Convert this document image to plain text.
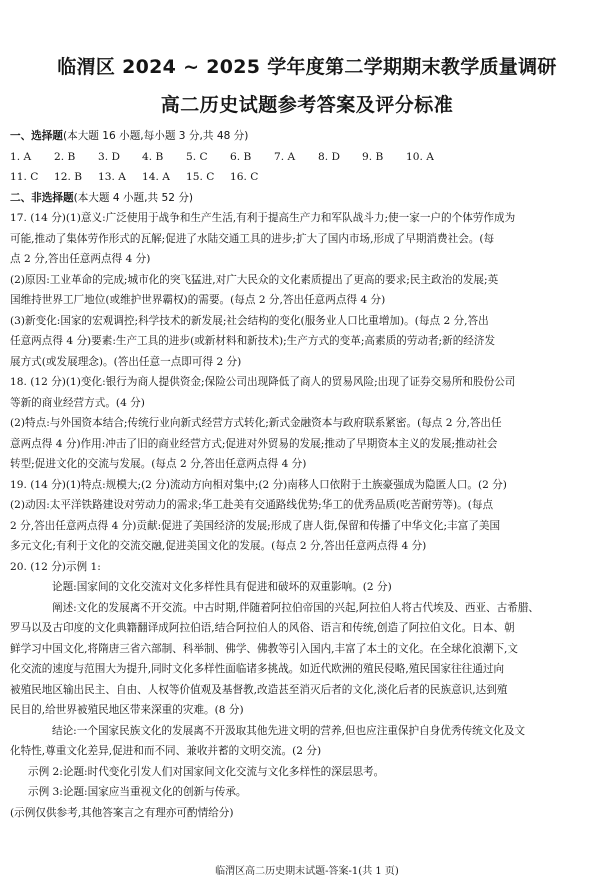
临渭区 2024 ~ 2025 学年度第二学期期末教学质量调研
高二历史试题参考答案及评分标准
一、选择题(本大题 16 小题,每小题 3 分,共 48 分)
1. A	2. B	3. D	4. B	5. C	6. B	7. A	8. D	9. B	10. A
11. C	12. B	13. A	14. A	15. C	16. C
二、非选择题(本大题 4 小题,共 52 分)
17. (14 分)(1)意义:广泛使用于战争和生产生活,有利于提高生产力和军队战斗力;使一家一户的个体劳作成为
可能,推动了集体劳作形式的瓦解;促进了水陆交通工具的进步;扩大了国内市场,形成了早期消费社会。(每
点 2 分,答出任意两点得 4 分)
(2)原因:工业革命的完成;城市化的突飞猛进,对广大民众的文化素质提出了更高的要求;民主政治的发展;英
国维持世界工厂地位(或维护世界霸权)的需要。(每点 2 分,答出任意两点得 4 分)
(3)新变化:国家的宏观调控;科学技术的新发展;社会结构的变化(服务业人口比重增加)。(每点 2 分,答出
任意两点得 4 分)要素:生产工具的进步(或新材料和新技术);生产方式的变革;高素质的劳动者;新的经济发
展方式(或发展理念)。(答出任意一点即可得 2 分)
18. (12 分)(1)变化:银行为商人提供资金;保险公司出现降低了商人的贸易风险;出现了证券交易所和股份公司
等新的商业经营方式。(4 分)
(2)特点:与外国资本结合;传统行业向新式经营方式转化;新式金融资本与政府联系紧密。(每点 2 分,答出任
意两点得 4 分)作用:冲击了旧的商业经营方式;促进对外贸易的发展;推动了早期资本主义的发展;推动社会
转型;促进文化的交流与发展。(每点 2 分,答出任意两点得 4 分)
19. (14 分)(1)特点:规模大;(2 分)流动方向相对集中;(2 分)南移人口依附于土族豪强成为隐匿人口。(2 分)
(2)动因:太平洋铁路建设对劳动力的需求;华工赴美有交通路线优势;华工的优秀品质(吃苦耐劳等)。(每点
2 分,答出任意两点得 4 分)贡献:促进了美国经济的发展;形成了唐人街,保留和传播了中华文化;丰富了美国
多元文化;有利于文化的交流交融,促进美国文化的发展。(每点 2 分,答出任意两点得 4 分)
20. (12 分)示例 1:
论题:国家间的文化交流对文化多样性具有促进和破坏的双重影响。(2 分)
阐述:文化的发展离不开交流。中古时期,伴随着阿拉伯帝国的兴起,阿拉伯人将古代埃及、西亚、古希腊、
罗马以及古印度的文化典籍翻译成阿拉伯语,结合阿拉伯人的风俗、语言和传统,创造了阿拉伯文化。日本、朝
鲜学习中国文化,将隋唐三省六部制、科举制、佛学、佛教等引入国内,丰富了本土的文化。在全球化浪潮下,文
化交流的速度与范围大为提升,同时文化多样性面临诸多挑战。如近代欧洲的殖民侵略,殖民国家往往通过向
被殖民地区输出民主、自由、人权等价值观及基督教,改造甚至消灭后者的文化,淡化后者的民族意识,达到殖
民目的,给世界被殖民地区带来深重的灾难。(8 分)
结论:一个国家民族文化的发展离不开汲取其他先进文明的营养,但也应注重保护自身优秀传统文化及文
化特性,尊重文化差异,促进和而不同、兼收并蓄的文明交流。(2 分)
示例 2:论题:时代变化引发人们对国家间文化交流与文化多样性的深层思考。
示例 3:论题:国家应当重视文化的创新与传承。
(示例仅供参考,其他答案言之有理亦可酌情给分)
临渭区高二历史期末试题-答案-1(共 1 页)
